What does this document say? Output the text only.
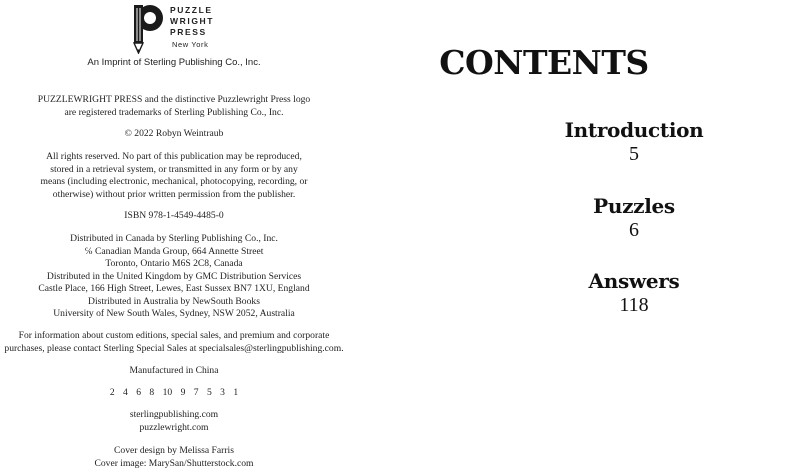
PUZZLE
WRIGHT
PRESS
New York
An Imprint of Sterling Publishing Co., Inc.
PUZZLEWRIGHT PRESS and the distinctive Puzzlewright Press logo
are registered trademarks of Sterling Publishing Co., Inc.
© 2022 Robyn Weintraub
All rights reserved. No part of this publication may be reproduced,
stored in a retrieval system, or transmitted in any form or by any
means (including electronic, mechanical, photocopying, recording, or
otherwise) without prior written permission from the publisher.
ISBN 978-1-4549-4485-0
Distributed in Canada by Sterling Publishing Co., Inc.
℅ Canadian Manda Group, 664 Annette Street
Toronto, Ontario M6S 2C8, Canada
Distributed in the United Kingdom by GMC Distribution Services
Castle Place, 166 High Street, Lewes, East Sussex BN7 1XU, England
Distributed in Australia by NewSouth Books
University of New South Wales, Sydney, NSW 2052, Australia
For information about custom editions, special sales, and premium and corporate
purchases, please contact Sterling Special Sales at specialsales@sterlingpublishing.com.
Manufactured in China
2 4 6 8 10 9 7 5 3 1
sterlingpublishing.com
puzzlewright.com
Cover design by Melissa Farris
Cover image: MarySan/Shutterstock.com
CONTENTS
Introduction
5
Puzzles
6
Answers
118
